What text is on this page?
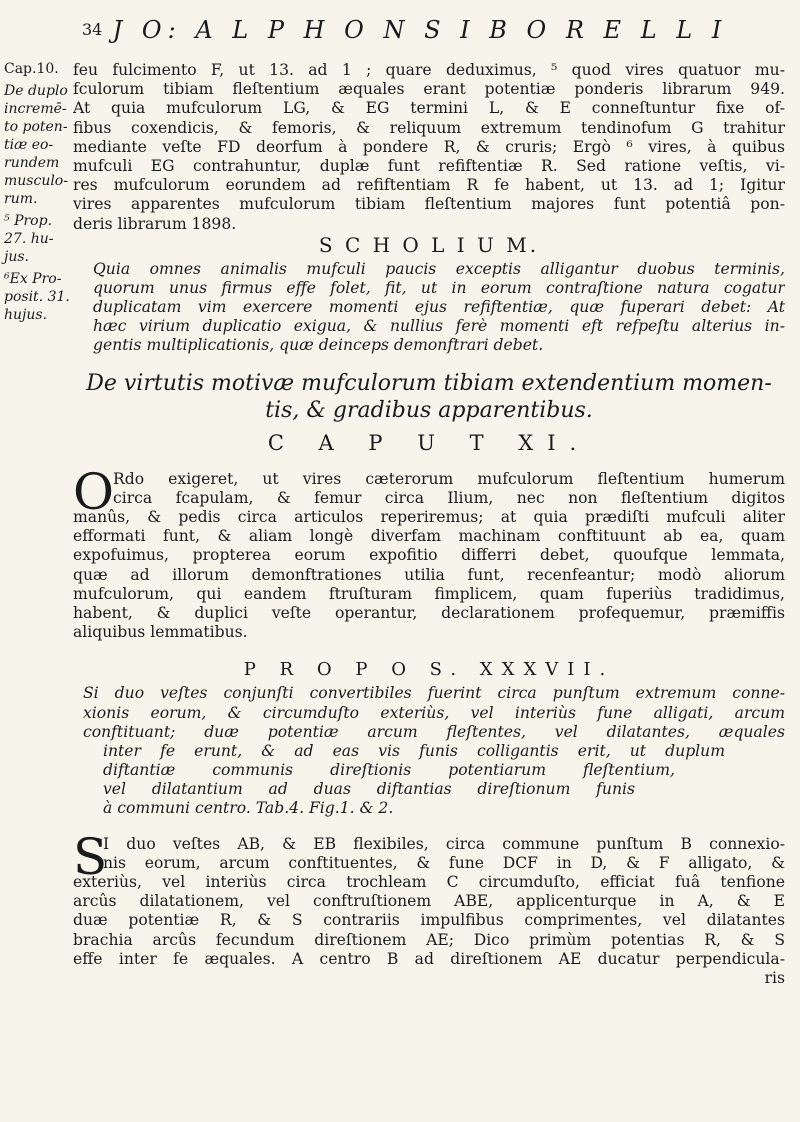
34 J O: A L P H O N S I B O R E L L I
Cap.10.
De duplo
incremē-
to poten-
tiæ eo-
rundem
musculo-
rum.
⁵ Prop.
27. hu-
jus.
⁶Ex Pro-
posit. 31.
hujus.
feu fulcimento F, ut 13. ad 1 ; quare deduximus, ⁵ quod vires quatuor mu-
fculorum tibiam fleſtentium æquales erant potentiæ ponderis librarum 949.
At quia mufculorum LG, & EG termini L, & E conneſtuntur fixe of-
fibus coxendicis, & femoris, & reliquum extremum tendinofum G trahitur
mediante veſte FD deorfum à pondere R, & cruris; Ergò ⁶ vires, à quibus
mufculi EG contrahuntur, duplæ funt refiftentiæ R. Sed ratione veſtis, vi-
res mufculorum eorundem ad refiftentiam R fe habent, ut 13. ad 1; Igitur
vires apparentes mufculorum tibiam fleſtentium majores funt potentiâ pon-
deris librarum 1898.
S C H O L I U M.
Quia omnes animalis mufculi paucis exceptis alligantur duobus terminis,
quorum unus firmus effe folet, fit, ut in eorum contraſtione natura cogatur
duplicatam vim exercere momenti ejus refiftentiæ, quæ fuperari debet: At
hæc virium duplicatio exigua, & nullius ferè momenti eft refpeſtu alterius in-
gentis multiplicationis, quæ deinceps demonftrari debet.
De virtutis motivæ mufculorum tibiam extendentium momen-
tis, & gradibus apparentibus.
C A P U T XI.
O Rdo exigeret, ut vires cæterorum mufculorum fleſtentium humerum
circa fcapulam, & femur circa Ilium, nec non fleſtentium digitos
manûs, & pedis circa articulos reperiremus; at quia prædiſti mufculi aliter
efformati funt, & aliam longè diverfam machinam conftituunt ab ea, quam
expofuimus, propterea eorum expofitio differri debet, quoufque lemmata,
quæ ad illorum demonftrationes utilia funt, recenfeantur; modò aliorum
mufculorum, qui eandem ftruſturam fimplicem, quam fuperiùs tradidimus,
habent, & duplici veſte operantur, declarationem profequemur, præmiffis
aliquibus lemmatibus.
P R O P O S. XXXVII.
Si duo veſtes conjunſti convertibiles fuerint circa punſtum extremum conne-
xionis eorum, & circumduſto exteriùs, vel interiùs fune alligati, arcum
conftituant; duæ potentiæ arcum fleſtentes, vel dilatantes, æquales
inter fe erunt, & ad eas vis funis colligantis erit, ut duplum
diftantiæ communis direſtionis potentiarum fleſtentium,
vel dilatantium ad duas diftantias direſtionum funis
à communi centro. Tab.4. Fig.1. & 2.
S
I duo veſtes AB, & EB flexibiles, circa commune punſtum B connexio-
nis eorum, arcum conftituentes, & fune DCF in D, & F alligato, &
exteriùs, vel interiùs circa trochleam C circumduſto, efficiat fuâ tenfione
arcûs dilatationem, vel conftruſtionem ABE, applicenturque in A, & E
duæ potentiæ R, & S contrariis impulfibus comprimentes, vel dilatantes
brachia arcûs fecundum direſtionem AE; Dico primùm potentias R, & S
effe inter fe æquales. A centro B ad direſtionem AE ducatur perpendicula-
ris
